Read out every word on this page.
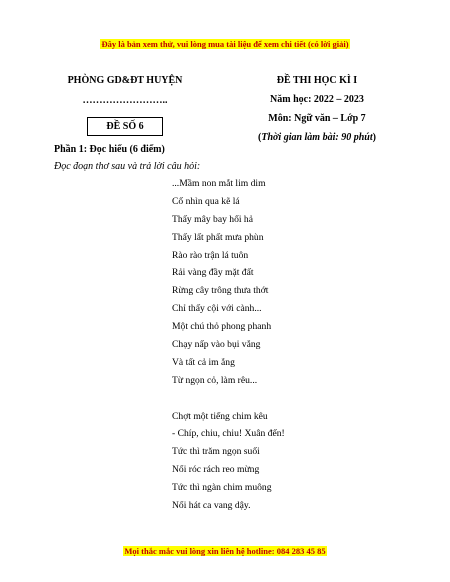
Đây là bản xem thử, vui lòng mua tài liệu để xem chi tiết (có lời giải)
PHÒNG GD&ĐT HUYỆN
……………………..
ĐỀ SỐ 6
ĐỀ THI HỌC KÌ I
Năm học: 2022 – 2023
Môn: Ngữ văn – Lớp 7
(Thời gian làm bài: 90 phút)
Phần 1: Đọc hiểu (6 điểm)
Đọc đoạn thơ sau và trả lời câu hỏi:
...Mầm non mắt lim dim
Cố nhìn qua kẽ lá
Thấy mây bay hối hả
Thấy lất phất mưa phùn
Rào rào trận lá tuôn
Rải vàng đầy mặt đất
Rừng cây trông thưa thớt
Chỉ thấy cội với cành...
Một chú thỏ phong phanh
Chạy nấp vào bụi vắng
Và tất cả im ắng
Từ ngọn cỏ, làm rêu...
Chợt một tiếng chim kêu
- Chíp, chiu, chiu! Xuân đến!
Tức thì trăm ngọn suối
Nổi róc rách reo mừng
Tức thì ngàn chim muông
Nổi hát ca vang dậy.
Mọi thắc mắc vui lòng xin liên hệ hotline: 084 283 45 85
